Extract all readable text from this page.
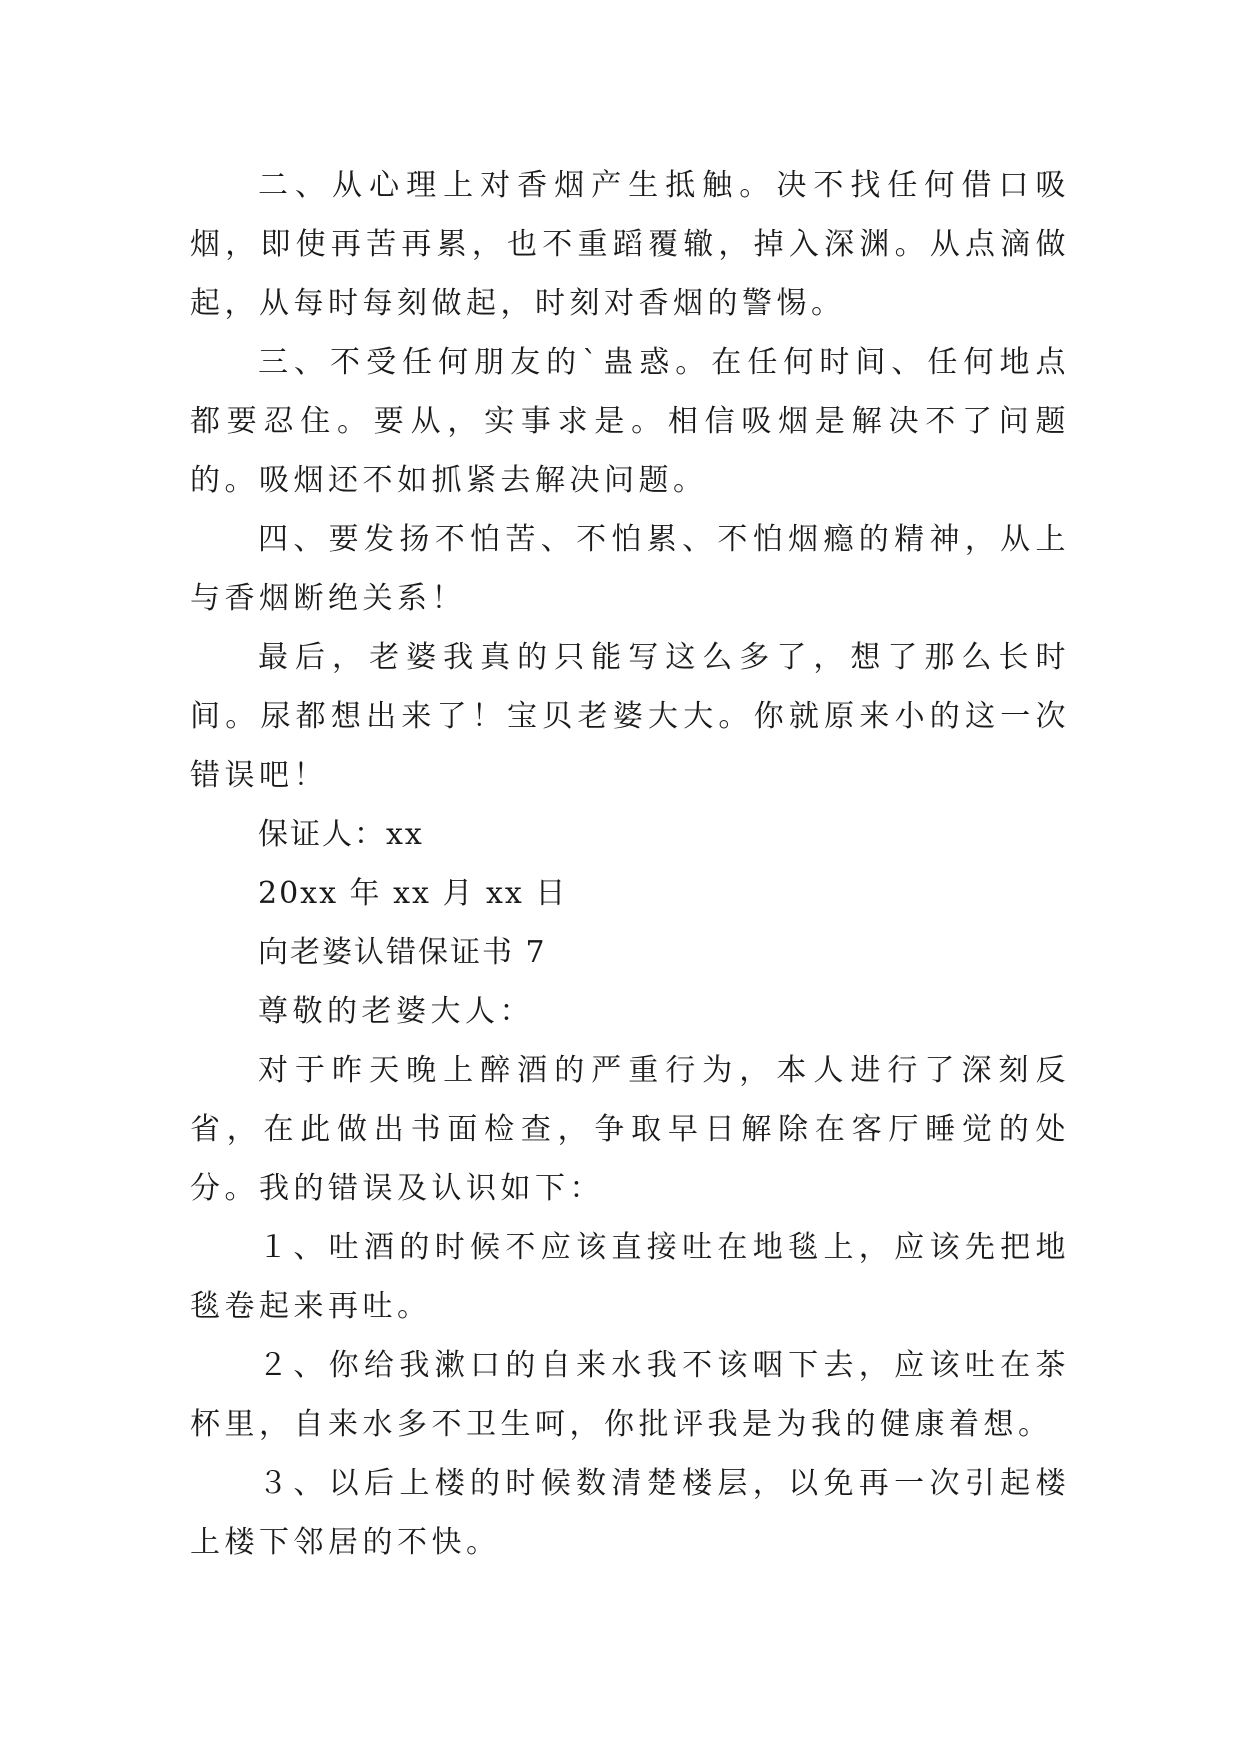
二、从心理上对香烟产生抵触。决不找任何借口吸烟，即使再苦再累，也不重蹈覆辙，掉入深渊。从点滴做起，从每时每刻做起，时刻对香烟的警惕。

三、不受任何朋友的`蛊惑。在任何时间、任何地点都要忍住。要从，实事求是。相信吸烟是解决不了问题的。吸烟还不如抓紧去解决问题。

四、要发扬不怕苦、不怕累、不怕烟瘾的精神，从上与香烟断绝关系！

最后，老婆我真的只能写这么多了，想了那么长时间。尿都想出来了！宝贝老婆大大。你就原来小的这一次错误吧！

保证人：xx

20xx 年 xx 月 xx 日

向老婆认错保证书 7

尊敬的老婆大人：

对于昨天晚上醉酒的严重行为，本人进行了深刻反省，在此做出书面检查，争取早日解除在客厅睡觉的处分。我的错误及认识如下：

１、吐酒的时候不应该直接吐在地毯上，应该先把地毯卷起来再吐。

２、你给我漱口的自来水我不该咽下去，应该吐在茶杯里，自来水多不卫生呵，你批评我是为我的健康着想。

３、以后上楼的时候数清楚楼层，以免再一次引起楼上楼下邻居的不快。
